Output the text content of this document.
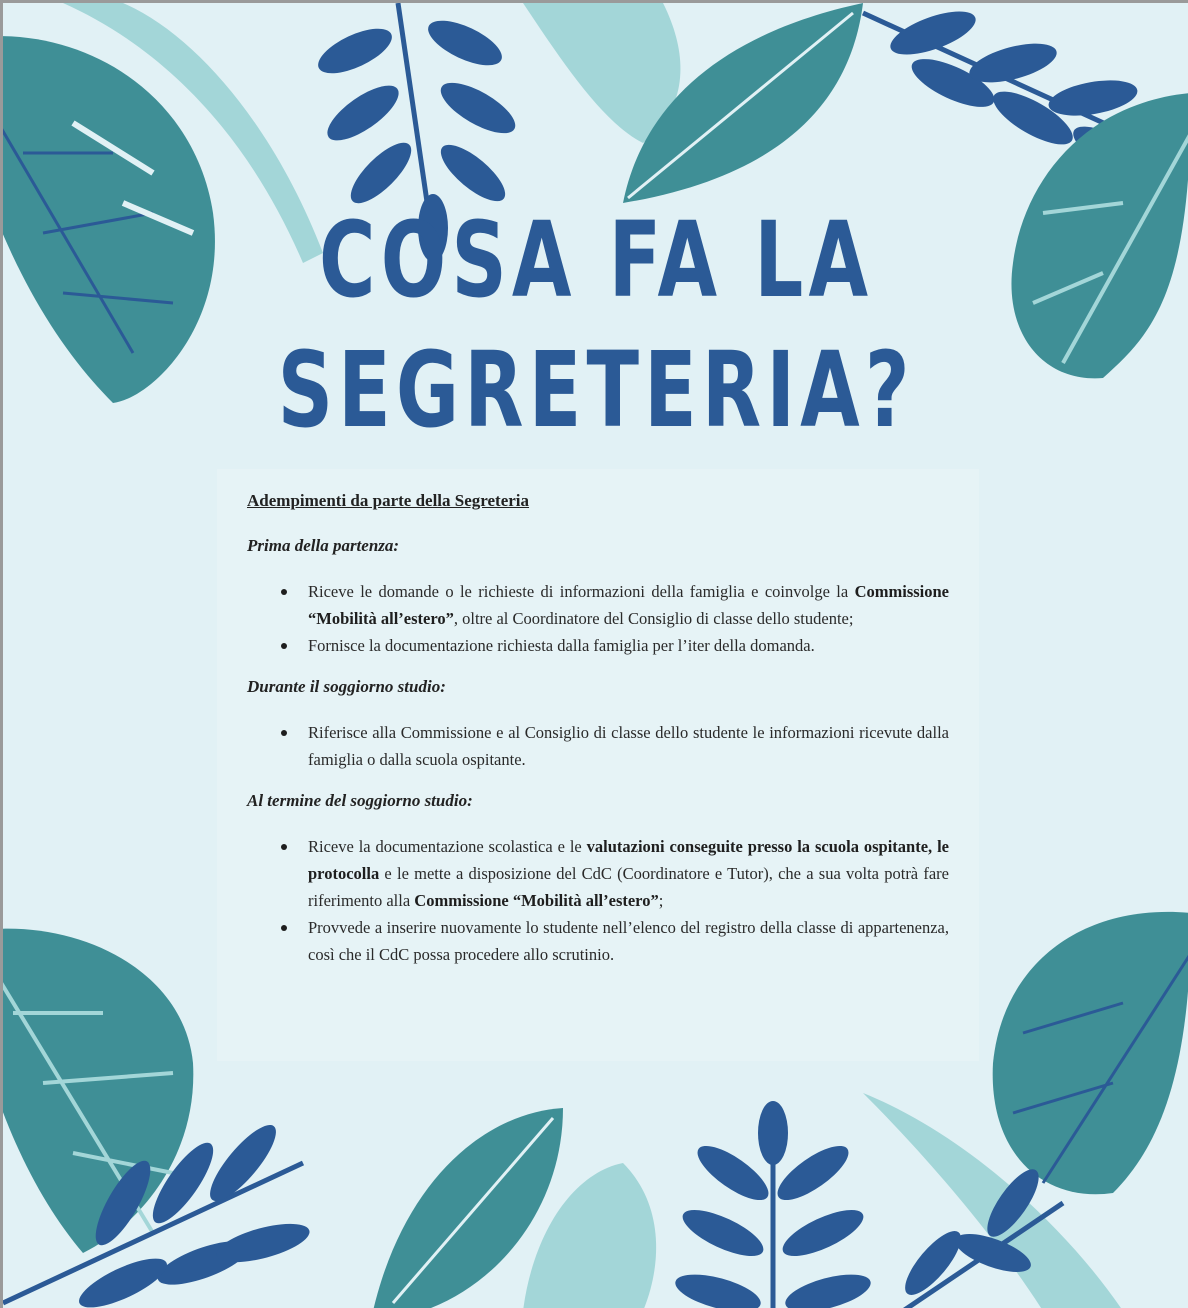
COSA FA LA
SEGRETERIA?
Adempimenti da parte della Segreteria
Prima della partenza:
Riceve le domande o le richieste di informazioni della famiglia e coinvolge la Commissione “Mobilità all’estero”, oltre al Coordinatore del Consiglio di classe dello studente;
Fornisce la documentazione richiesta dalla famiglia per l’iter della domanda.
Durante il soggiorno studio:
Riferisce alla Commissione e al Consiglio di classe dello studente le informazioni ricevute dalla famiglia o dalla scuola ospitante.
Al termine del soggiorno studio:
Riceve la documentazione scolastica e le valutazioni conseguite presso la scuola ospitante, le protocolla e le mette a disposizione del CdC (Coordinatore e Tutor), che a sua volta potrà fare riferimento alla Commissione “Mobilità all’estero”;
Provvede a inserire nuovamente lo studente nell’elenco del registro della classe di appartenenza, così che il CdC possa procedere allo scrutinio.
